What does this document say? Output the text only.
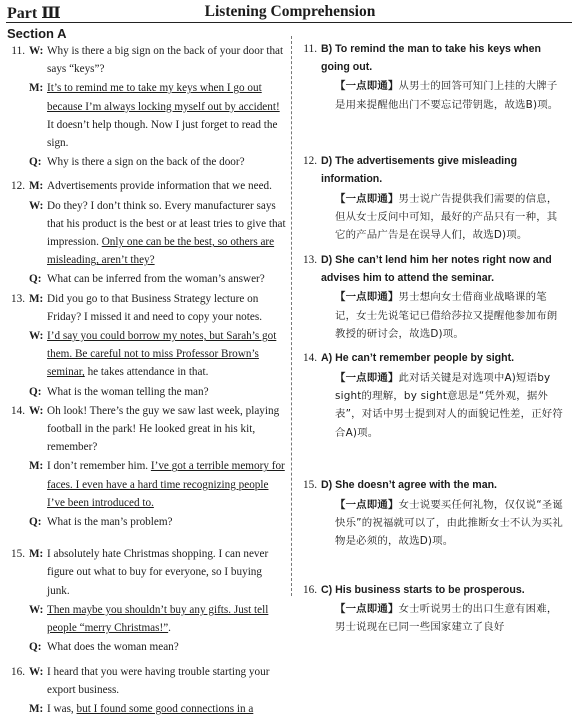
Part Ⅲ	Listening Comprehension
Section A
11. W: Why is there a big sign on the back of your door that says “keys”?
M: It’s to remind me to take my keys when I go out because I’m always locking myself out by accident! It doesn’t help though. Now I just forget to read the sign.
Q: Why is there a sign on the back of the door?
12. M: Advertisements provide information that we need.
W: Do they? I don’t think so. Every manufacturer says that his product is the best or at least tries to give that impression. Only one can be the best, so others are misleading, aren’t they?
Q: What can be inferred from the woman’s answer?
13. M: Did you go to that Business Strategy lecture on Friday? I missed it and need to copy your notes.
W: I’d say you could borrow my notes, but Sarah’s got them. Be careful not to miss Professor Brown’s seminar, he takes attendance in that.
Q: What is the woman telling the man?
14. W: Oh look! There’s the guy we saw last week, playing football in the park! He looked great in his kit, remember?
M: I don’t remember him. I’ve got a terrible memory for faces. I even have a hard time recognizing people I’ve been introduced to.
Q: What is the man’s problem?
15. M: I absolutely hate Christmas shopping. I can never figure out what to buy for everyone, so I buying junk.
W: Then maybe you shouldn’t buy any gifts. Just tell people “merry Christmas!”.
Q: What does the woman mean?
16. W: I heard that you were having trouble starting your export business.
M: I was, but I found some good connections in a
11. B) To remind the man to take his keys when going out.
【一点即通】从男士的回答可知门上挂的大牌子是用来提醒他出门不要忘记带钥匙，故选B)项。
12. D) The advertisements give misleading information.
【一点即通】男士说广告提供我们需要的信息，但从女士反问中可知，最好的产品只有一种，其它的产品广告是在误导人们，故选D)项。
13. D) She can’t lend him her notes right now and advises him to attend the seminar.
【一点即通】男士想向女士借商业战略课的笔记，女士先说笔记已借给莎拉又提醒他参加布朗教授的研讨会，故选D)项。
14. A) He can’t remember people by sight.
【一点即通】此对话关键是对选项中A)短语by sight的理解，by sight意思是“凭外观，据外表”，对话中男士提到对人的面貌记性差，正好符合A)项。
15. D) She doesn’t agree with the man.
【一点即通】女士说要买任何礼物，仅仅说“圣诞快乐”的祝福就可以了，由此推断女士不认为买礼物是必须的，故选D)项。
16. C) His business starts to be prosperous.
【一点即通】女士听说男士的出口生意有困难，男士说现在已同一些国家建立了良好
